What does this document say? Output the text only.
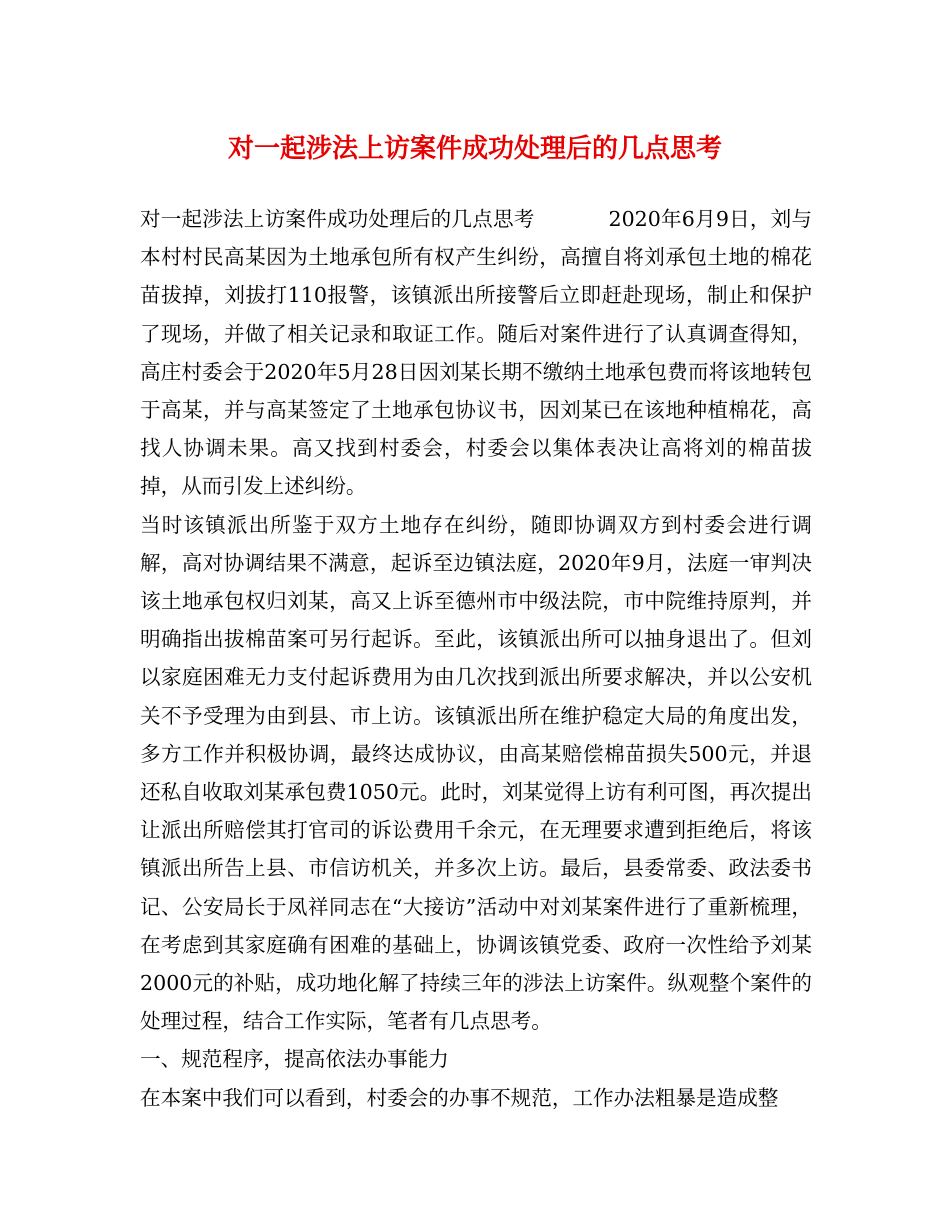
对一起涉法上访案件成功处理后的几点思考

对一起涉法上访案件成功处理后的几点思考	2020年6月9日，刘与本村村民高某因为土地承包所有权产生纠纷，高擅自将刘承包土地的棉花苗拔掉，刘拔打110报警，该镇派出所接警后立即赶赴现场，制止和保护了现场，并做了相关记录和取证工作。随后对案件进行了认真调查得知，高庄村委会于2020年5月28日因刘某长期不缴纳土地承包费而将该地转包于高某，并与高某签定了土地承包协议书，因刘某已在该地种植棉花，高找人协调未果。高又找到村委会，村委会以集体表决让高将刘的棉苗拔掉，从而引发上述纠纷。

当时该镇派出所鉴于双方土地存在纠纷，随即协调双方到村委会进行调解，高对协调结果不满意，起诉至边镇法庭，2020年9月，法庭一审判决该土地承包权归刘某，高又上诉至德州市中级法院，市中院维持原判，并明确指出拔棉苗案可另行起诉。至此，该镇派出所可以抽身退出了。但刘以家庭困难无力支付起诉费用为由几次找到派出所要求解决，并以公安机关不予受理为由到县、市上访。该镇派出所在维护稳定大局的角度出发，多方工作并积极协调，最终达成协议，由高某赔偿棉苗损失500元，并退还私自收取刘某承包费1050元。此时，刘某觉得上访有利可图，再次提出让派出所赔偿其打官司的诉讼费用千余元，在无理要求遭到拒绝后，将该镇派出所告上县、市信访机关，并多次上访。最后，县委常委、政法委书记、公安局长于凤祥同志在“大接访”活动中对刘某案件进行了重新梳理，在考虑到其家庭确有困难的基础上，协调该镇党委、政府一次性给予刘某2000元的补贴，成功地化解了持续三年的涉法上访案件。纵观整个案件的处理过程，结合工作实际，笔者有几点思考。

一、规范程序，提高依法办事能力

在本案中我们可以看到，村委会的办事不规范，工作办法粗暴是造成整
